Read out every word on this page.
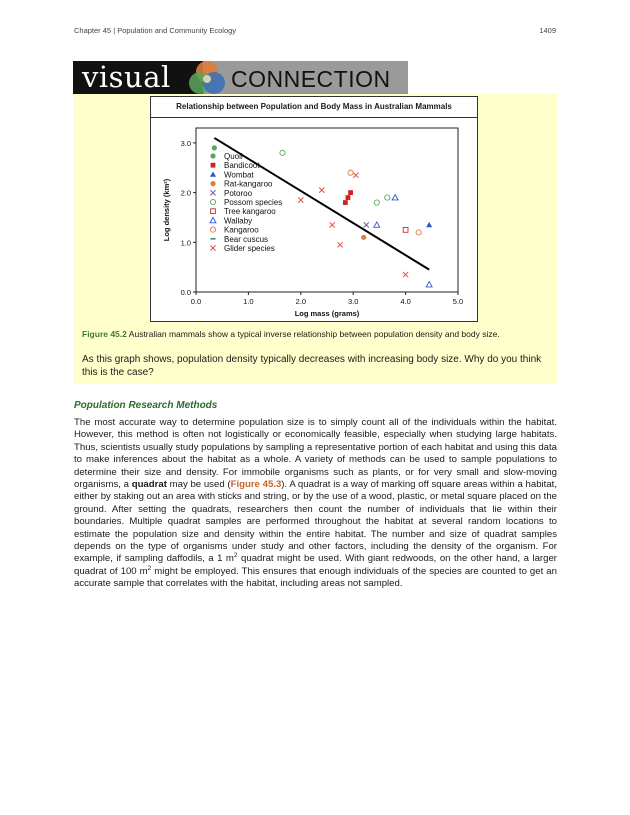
Chapter 45 | Population and Community Ecology	1409
visual	CONNECTION
Relationship between Population and Body Mass in Australian Mammals
0.0	1.0	2.0	3.0	4.0	5.0
0.0
1.0
2.0
3.0
Log mass (grams)
Log density (km²)
Quoll
Bandicoot
Wombat
Rat-kangaroo
Potoroo
Possom species
Tree kangaroo
Wallaby
Kangaroo
Bear cuscus
Glider species
Figure 45.2 Australian mammals show a typical inverse relationship between population density and body size.
As this graph shows, population density typically decreases with increasing body size. Why do you think this is the case?
Population Research Methods
The most accurate way to determine population size is to simply count all of the individuals within the habitat. However, this method is often not logistically or economically feasible, especially when studying large habitats. Thus, scientists usually study populations by sampling a representative portion of each habitat and using this data to make inferences about the habitat as a whole. A variety of methods can be used to sample populations to determine their size and density. For immobile organisms such as plants, or for very small and slow-moving organisms, a quadrat may be used (Figure 45.3). A quadrat is a way of marking off square areas within a habitat, either by staking out an area with sticks and string, or by the use of a wood, plastic, or metal square placed on the ground. After setting the quadrats, researchers then count the number of individuals that lie within their boundaries. Multiple quadrat samples are performed throughout the habitat at several random locations to estimate the population size and density within the entire habitat. The number and size of quadrat samples depends on the type of organisms under study and other factors, including the density of the organism. For example, if sampling daffodils, a 1 $m^2$ quadrat might be used. With giant redwoods, on the other hand, a larger quadrat of 100 $m^2$ might be employed. This ensures that enough individuals of the species are counted to get an accurate sample that correlates with the habitat, including areas not sampled.
